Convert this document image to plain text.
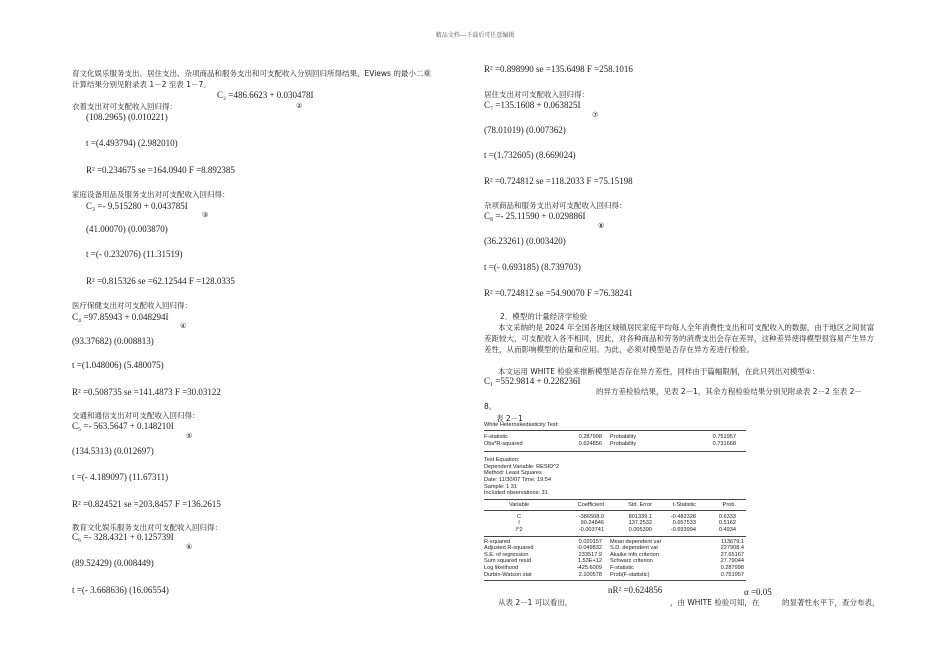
精品文档---下载后可任意编辑
育文化娱乐服务支出、居住支出、杂项商品和服务支出和可支配收入分别回归所得结果，EViews 的最小二乘
计算结果分别见附录表 1－2 至表 1－7。
C₂ =486.6623 + 0.030478I
衣着支出对可支配收入回归得：	②
(108.2965) (0.010221)
t =(4.493794) (2.982010)
R² =0.234675 se =164.0940 F =8.892385
家庭设备用品及服务支出对可支配收入回归得：
C₃ =- 9.515280 + 0.043785I
③
(41.00070) (0.003870)
t =(- 0.232076) (11.31519)
R² =0.815326 se =62.12544 F =128.0335
医疗保健支出对可支配收入回归得：
C₄ =97.85943 + 0.048294I
④
(93.37682) (0.008813)
t =(1.048006) (5.480075)
R² =0.508735 se =141.4873 F =30.03122
交通和通信支出对可支配收入回归得：
C₅ =- 563.5647 + 0.148210I
⑤
(134.5313) (0.012697)
t =(- 4.189097) (11.67311)
R² =0.824521 se =203.8457 F =136.2615
教育文化娱乐服务支出对可支配收入回归得：
C₆ =- 328.4321 + 0.125739I
⑥
(89.52429) (0.008449)
t =(- 3.668636) (16.06554)
R² =0.898990 se =135.6498 F =258.1016
居住支出对可支配收入回归得：
C₇ =135.1608 + 0.063825I
⑦
(78.01019) (0.007362)
t =(1.732605) (8.669024)
R² =0.724812 se =118.2033 F =75.15198
杂项商品和服务支出对可支配收入回归得：
C₈ =- 25.11590 + 0.029886I
⑧
(36.23261) (0.003420)
t =(- 0.693185) (8.739703)
R² =0.724812 se =54.90070 F =76.38241
2．模型的计量经济学检验
本文采纳的是 2024 年全国各地区城镇居民家庭平均每人全年消费性支出和可支配收入的数据，由于地区之间贫富差距较大，可支配收入各不相同，因此，对各种商品和劳务的消费支出会存在差异，这种差异使得模型很容易产生异方差性，从而影响模型的估量和应用。为此，必须对模型是否存在异方差进行检验。
本文运用 WHITE 检验来推断模型是否存在异方差性，同样由于篇幅限制，在此只列出对模型①：
C₁ =552.9814 + 0.228236I
的异方差检验结果，见表 2－1，其余方程检验结果分别见附录表 2－2 至表 2－
8。
表 2－1
从表 2－1 可以看出，
nR² =0.624856
，由 WHITE 检验可知，在
α =0.05
的显著性水平下，查分布表，
White Heteroskedasticity Test:
F-statistic	0.287998	Probability	0.751957
Obs*R-squared	0.624856	Probability	0.731668
Test Equation:
Dependent Variable: RESID^2
Method: Least Squares
Date: 11/30/07 Time: 19:54
Sample: 1 31
Included observations: 31
Variable	Coefficient	Std. Error	t-Statistic	Prob.
C	-386508.0	801339.1	-0.482328	0.6333
I	90.24846	137.2532	0.657533	0.5162
I^2	-0.003741	0.005390	-0.693994	0.4934
R-squared	0.020157	Mean dependent var	113679.1
Adjusted R-squared	-0.049832	S.D. dependent var	227908.4
S.E. of regression	233517.9	Akaike info criterion	27.65167
Sum squared resid	1.53E+12	Schwarz criterion	27.79044
Log likelihood	-425.6009	F-statistic	0.287998
Durbin-Watson stat	2.100578	Prob(F-statistic)	0.751957
